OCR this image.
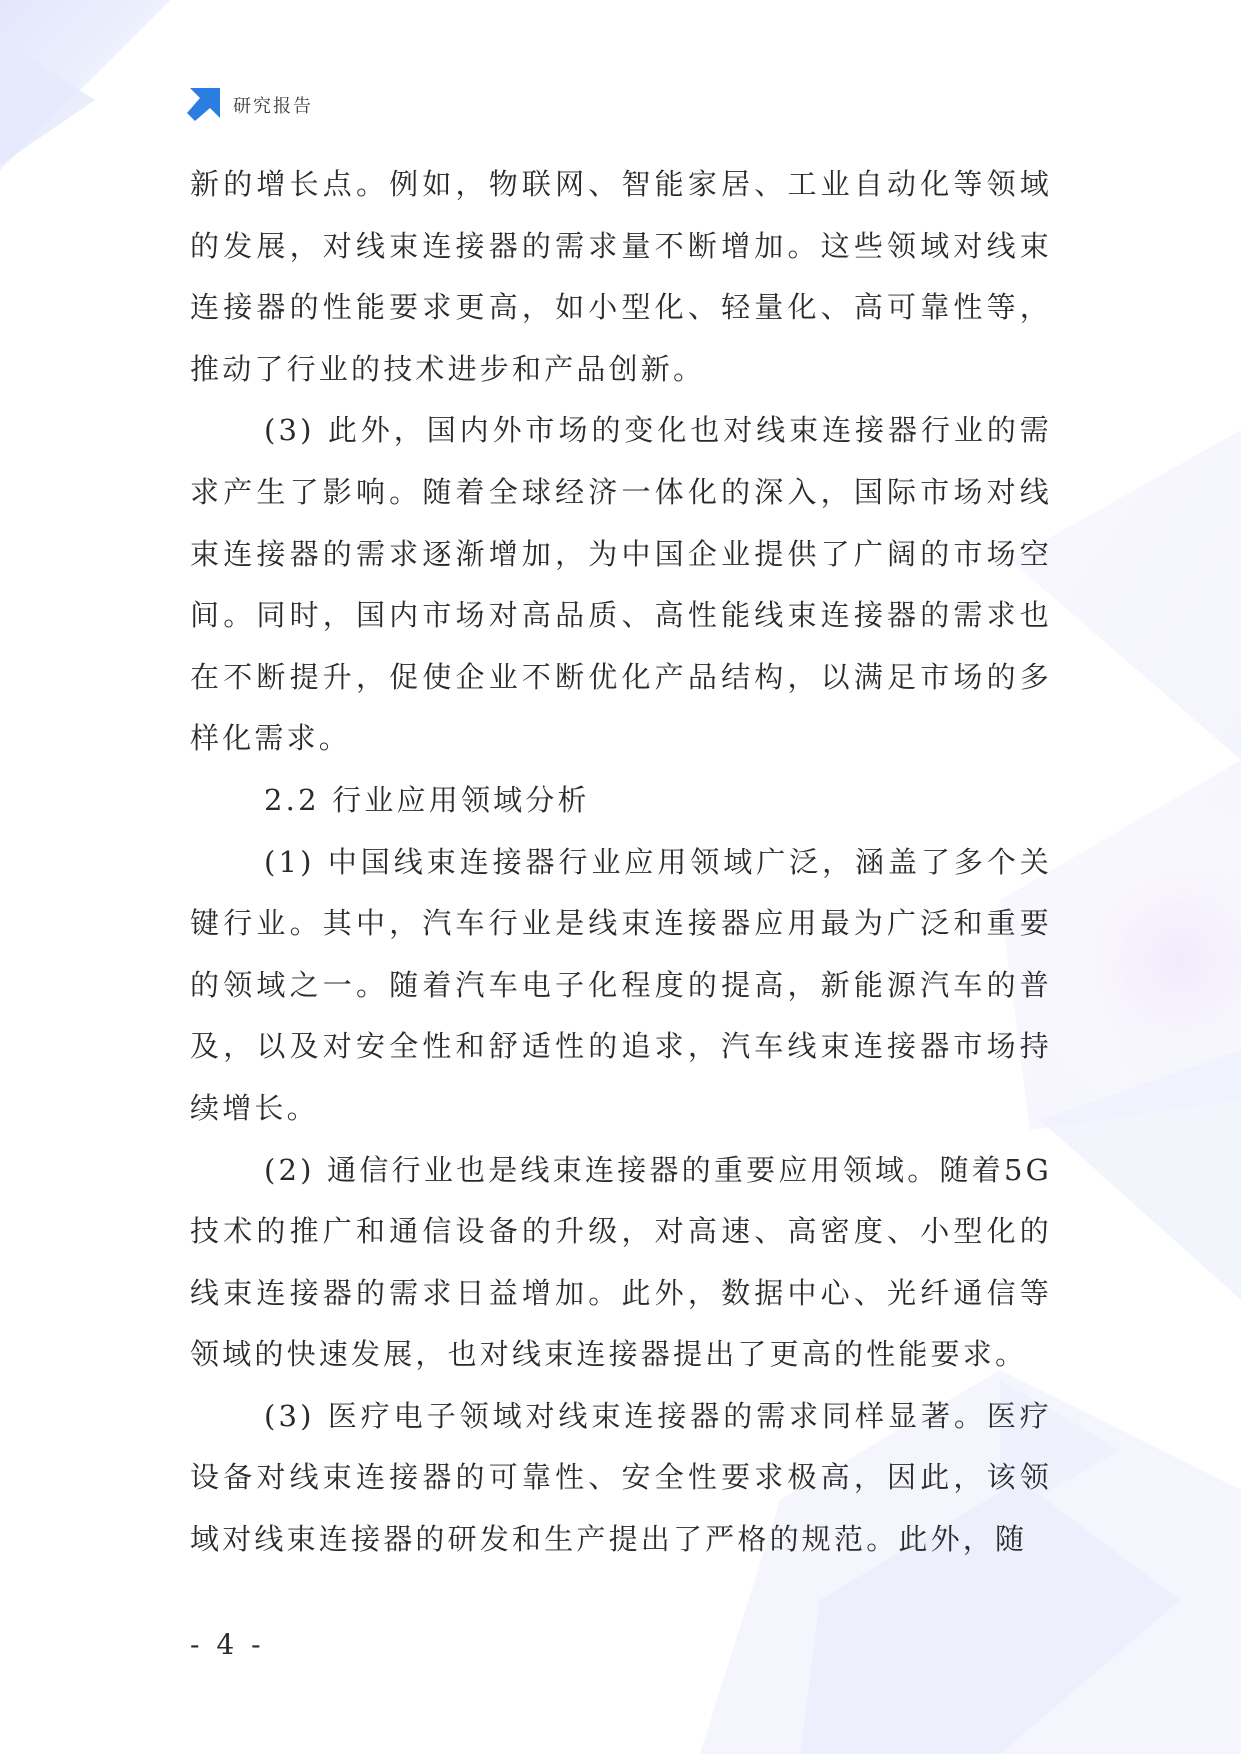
研究报告

新的增长点。例如，物联网、智能家居、工业自动化等领域的发展，对线束连接器的需求量不断增加。这些领域对线束连接器的性能要求更高，如小型化、轻量化、高可靠性等，推动了行业的技术进步和产品创新。

(3) 此外，国内外市场的变化也对线束连接器行业的需求产生了影响。随着全球经济一体化的深入，国际市场对线束连接器的需求逐渐增加，为中国企业提供了广阔的市场空间。同时，国内市场对高品质、高性能线束连接器的需求也在不断提升，促使企业不断优化产品结构，以满足市场的多样化需求。

2.2 行业应用领域分析

(1) 中国线束连接器行业应用领域广泛，涵盖了多个关键行业。其中，汽车行业是线束连接器应用最为广泛和重要的领域之一。随着汽车电子化程度的提高，新能源汽车的普及，以及对安全性和舒适性的追求，汽车线束连接器市场持续增长。

(2) 通信行业也是线束连接器的重要应用领域。随着5G技术的推广和通信设备的升级，对高速、高密度、小型化的线束连接器的需求日益增加。此外，数据中心、光纤通信等领域的快速发展，也对线束连接器提出了更高的性能要求。

(3) 医疗电子领域对线束连接器的需求同样显著。医疗设备对线束连接器的可靠性、安全性要求极高，因此，该领域对线束连接器的研发和生产提出了严格的规范。此外，随

- 4 -
